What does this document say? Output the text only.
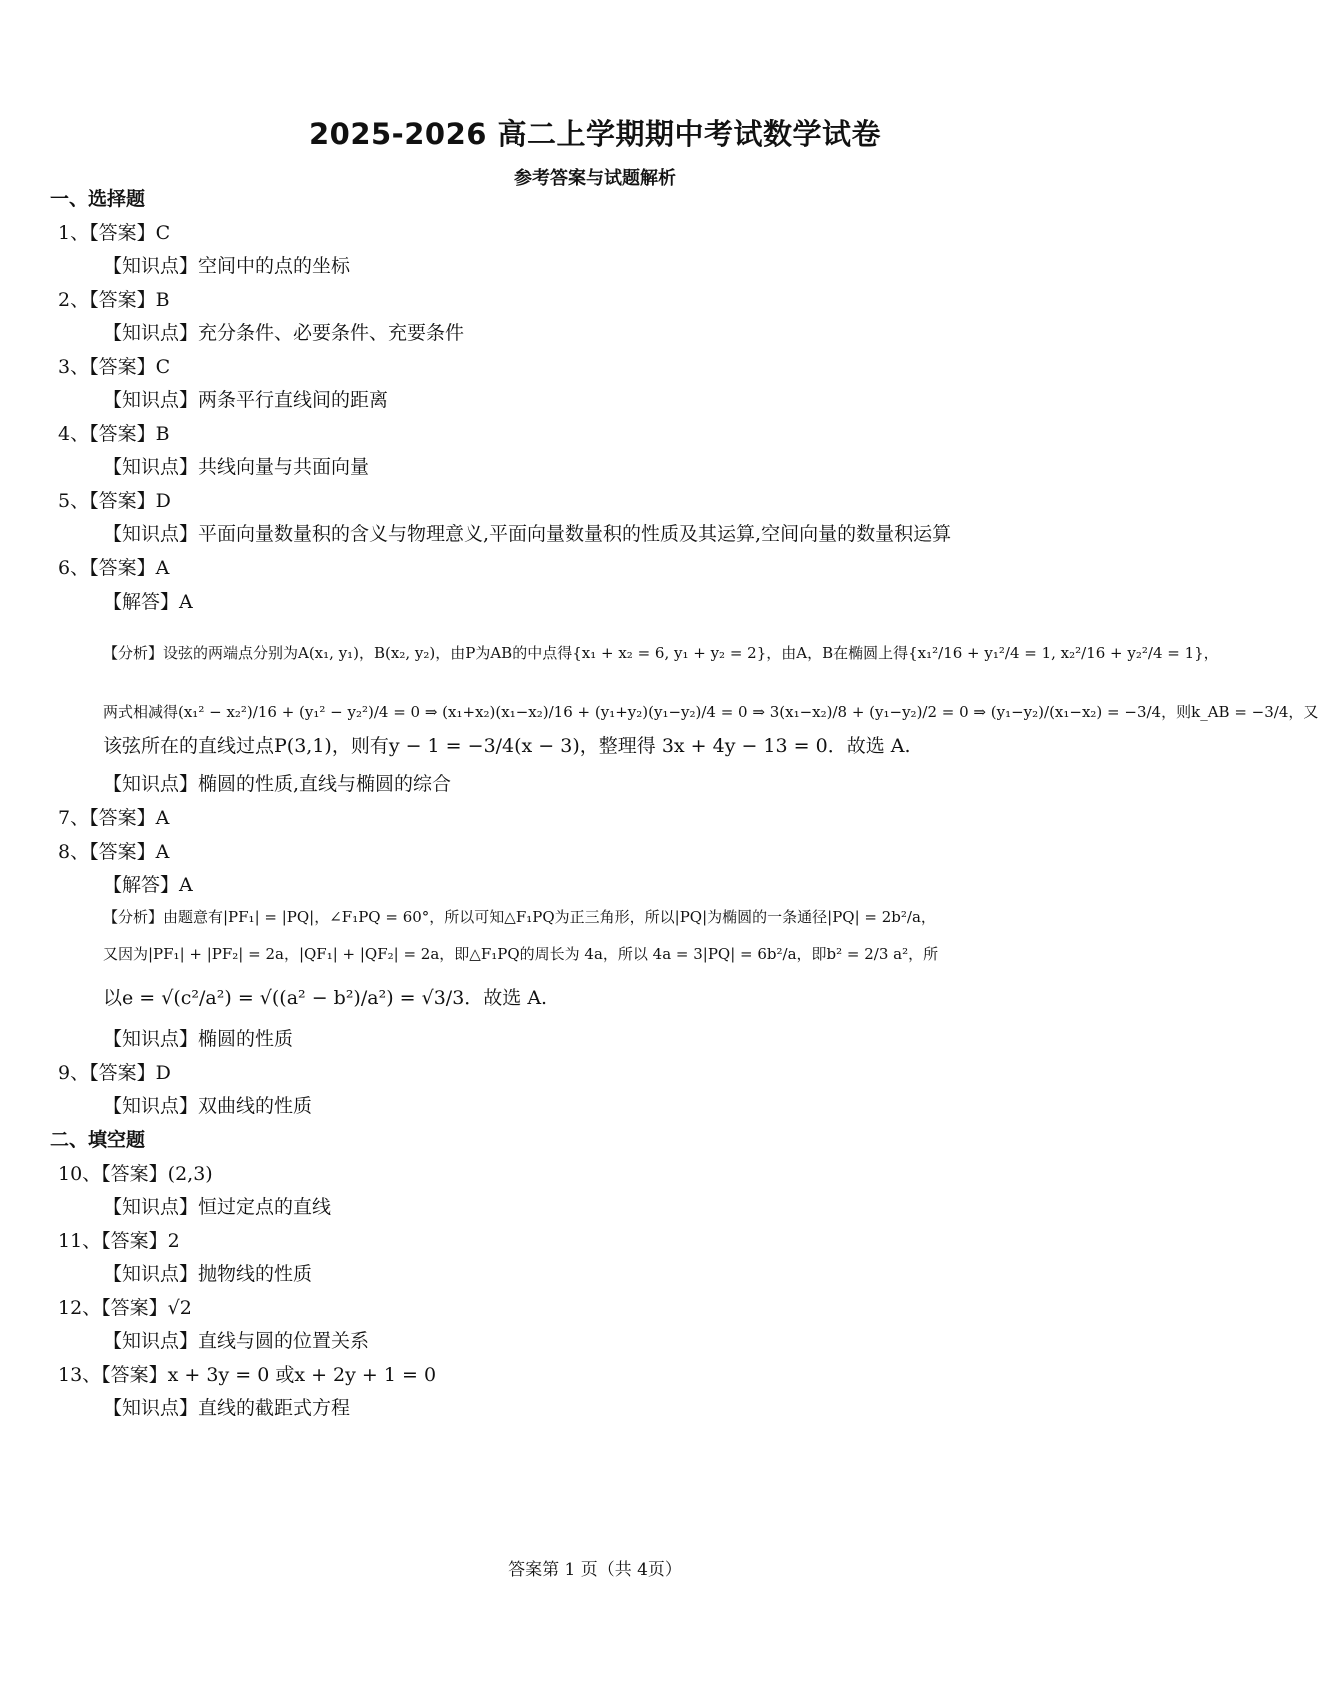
2025-2026 高二上学期期中考试数学试卷
参考答案与试题解析
一、选择题
1、【答案】C
【知识点】空间中的点的坐标
2、【答案】B
【知识点】充分条件、必要条件、充要条件
3、【答案】C
【知识点】两条平行直线间的距离
4、【答案】B
【知识点】共线向量与共面向量
5、【答案】D
【知识点】平面向量数量积的含义与物理意义,平面向量数量积的性质及其运算,空间向量的数量积运算
6、【答案】A
【解答】A
【分析】设弦的两端点分别为A(x₁, y₁)，B(x₂, y₂)，由P为AB的中点得{x₁ + x₂ = 6, y₁ + y₂ = 2}，由A，B在椭圆上得{x₁²/16 + y₁²/4 = 1, x₂²/16 + y₂²/4 = 1}，
两式相减得(x₁² − x₂²)/16 + (y₁² − y₂²)/4 = 0 ⇒ (x₁+x₂)(x₁−x₂)/16 + (y₁+y₂)(y₁−y₂)/4 = 0 ⇒ 3(x₁−x₂)/8 + (y₁−y₂)/2 = 0 ⇒ (y₁−y₂)/(x₁−x₂) = −3/4，则k_AB = −3/4，又
该弦所在的直线过点P(3,1)，则有y − 1 = −3/4(x − 3)，整理得 3x + 4y − 13 = 0．故选 A.
【知识点】椭圆的性质,直线与椭圆的综合
7、【答案】A
8、【答案】A
【解答】A
【分析】由题意有|PF₁| = |PQ|，∠F₁PQ = 60°，所以可知△F₁PQ为正三角形，所以|PQ|为椭圆的一条通径|PQ| = 2b²/a，
又因为|PF₁| + |PF₂| = 2a，|QF₁| + |QF₂| = 2a，即△F₁PQ的周长为 4a，所以 4a = 3|PQ| = 6b²/a，即b² = 2/3 a²，所
以e = √(c²/a²) = √((a² − b²)/a²) = √3/3．故选 A.
【知识点】椭圆的性质
9、【答案】D
【知识点】双曲线的性质
二、填空题
10、【答案】(2,3)
【知识点】恒过定点的直线
11、【答案】2
【知识点】抛物线的性质
12、【答案】√2
【知识点】直线与圆的位置关系
13、【答案】x + 3y = 0 或x + 2y + 1 = 0
【知识点】直线的截距式方程
答案第 1 页（共 4页）
